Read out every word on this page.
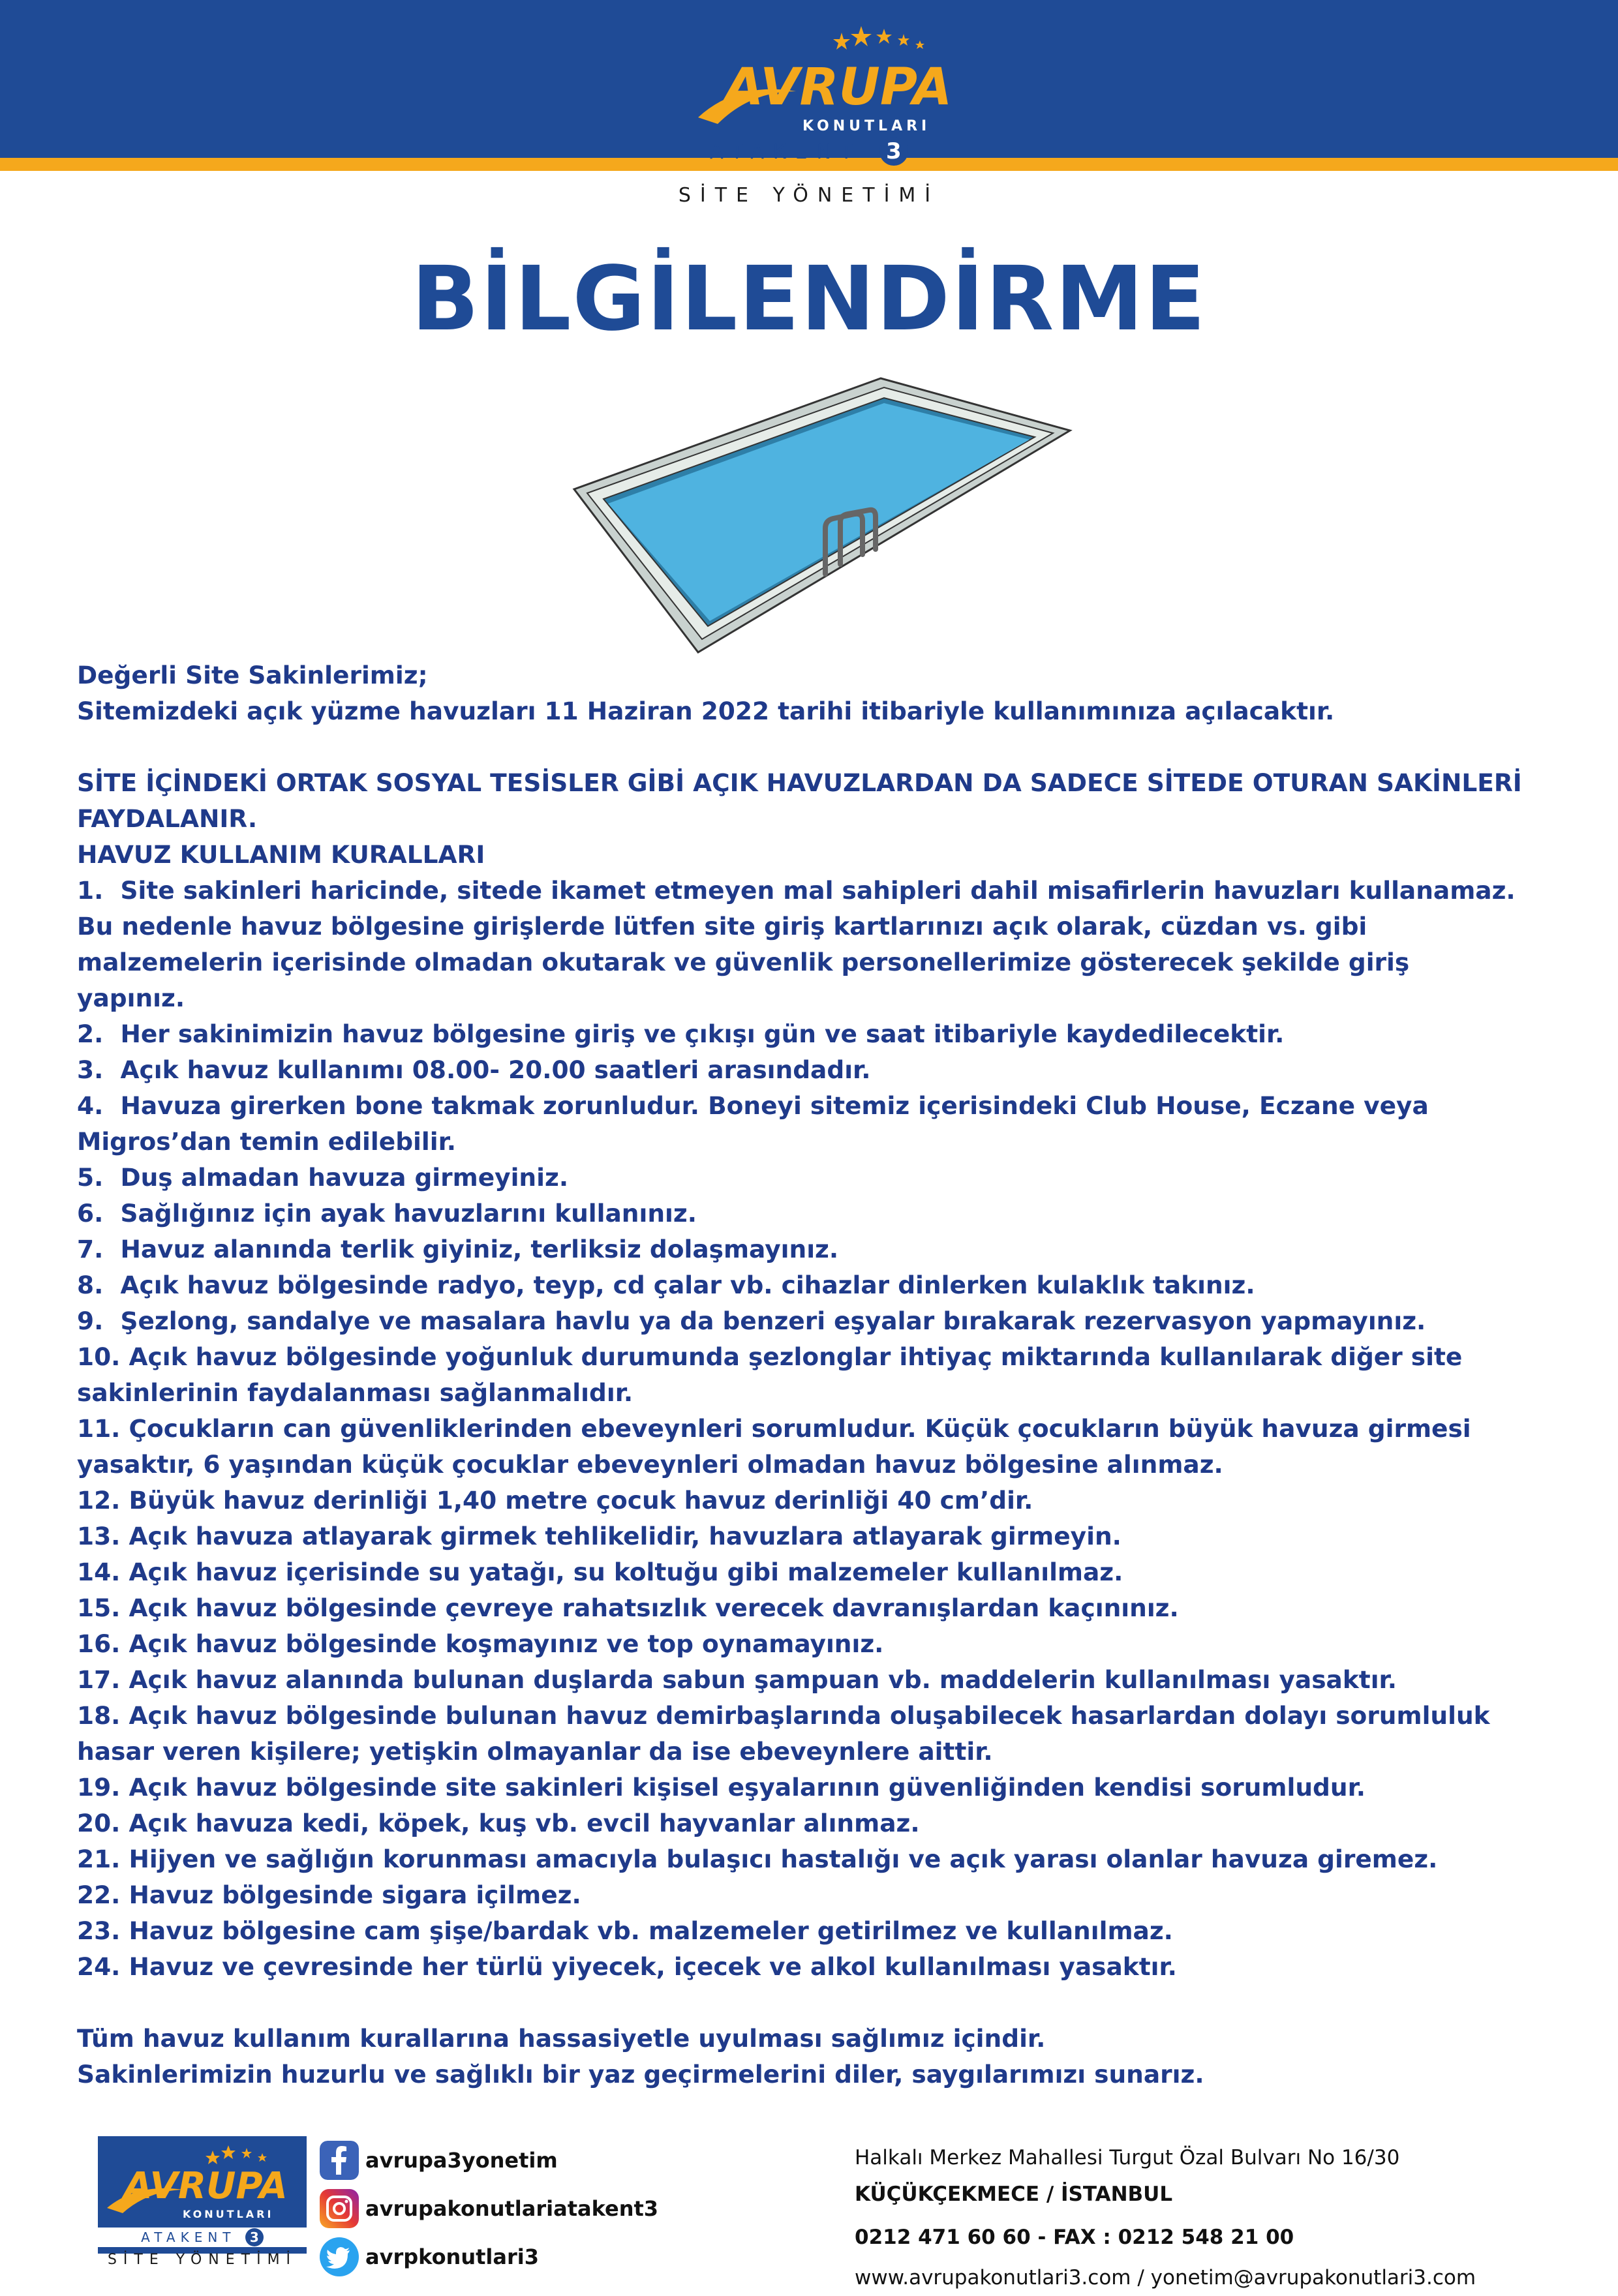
AVRUPA
KONUTLARI
ATAKENT 3
SİTE YÖNETİMİ
BİLGİLENDİRME

Değerli Site Sakinlerimiz;

Sitemizdeki açık yüzme havuzları 11 Haziran 2022 tarihi itibariyle kullanımınıza açılacaktır.

SİTE İÇİNDEKİ ORTAK SOSYAL TESİSLER GİBİ AÇIK HAVUZLARDAN DA SADECE SİTEDE OTURAN SAKİNLERİ

FAYDALANIR.

HAVUZ KULLANIM KURALLARI

1. Site sakinleri haricinde, sitede ikamet etmeyen mal sahipleri dahil misafirlerin havuzları kullanamaz.

Bu nedenle havuz bölgesine girişlerde lütfen site giriş kartlarınızı açık olarak, cüzdan vs. gibi

malzemelerin içerisinde olmadan okutarak ve güvenlik personellerimize gösterecek şekilde giriş

yapınız.

2. Her sakinimizin havuz bölgesine giriş ve çıkışı gün ve saat itibariyle kaydedilecektir.

3. Açık havuz kullanımı 08.00- 20.00 saatleri arasındadır.

4. Havuza girerken bone takmak zorunludur. Boneyi sitemiz içerisindeki Club House, Eczane veya

Migros’dan temin edilebilir.

5. Duş almadan havuza girmeyiniz.

6. Sağlığınız için ayak havuzlarını kullanınız.

7. Havuz alanında terlik giyiniz, terliksiz dolaşmayınız.

8. Açık havuz bölgesinde radyo, teyp, cd çalar vb. cihazlar dinlerken kulaklık takınız.

9. Şezlong, sandalye ve masalara havlu ya da benzeri eşyalar bırakarak rezervasyon yapmayınız.

10. Açık havuz bölgesinde yoğunluk durumunda şezlonglar ihtiyaç miktarında kullanılarak diğer site

sakinlerinin faydalanması sağlanmalıdır.

11. Çocukların can güvenliklerinden ebeveynleri sorumludur. Küçük çocukların büyük havuza girmesi

yasaktır, 6 yaşından küçük çocuklar ebeveynleri olmadan havuz bölgesine alınmaz.

12. Büyük havuz derinliği 1,40 metre çocuk havuz derinliği 40 cm’dir.

13. Açık havuza atlayarak girmek tehlikelidir, havuzlara atlayarak girmeyin.

14. Açık havuz içerisinde su yatağı, su koltuğu gibi malzemeler kullanılmaz.

15. Açık havuz bölgesinde çevreye rahatsızlık verecek davranışlardan kaçınınız.

16. Açık havuz bölgesinde koşmayınız ve top oynamayınız.

17. Açık havuz alanında bulunan duşlarda sabun şampuan vb. maddelerin kullanılması yasaktır.

18. Açık havuz bölgesinde bulunan havuz demirbaşlarında oluşabilecek hasarlardan dolayı sorumluluk

hasar veren kişilere; yetişkin olmayanlar da ise ebeveynlere aittir.

19. Açık havuz bölgesinde site sakinleri kişisel eşyalarının güvenliğinden kendisi sorumludur.

20. Açık havuza kedi, köpek, kuş vb. evcil hayvanlar alınmaz.

21. Hijyen ve sağlığın korunması amacıyla bulaşıcı hastalığı ve açık yarası olanlar havuza giremez.

22. Havuz bölgesinde sigara içilmez.

23. Havuz bölgesine cam şişe/bardak vb. malzemeler getirilmez ve kullanılmaz.

24. Havuz ve çevresinde her türlü yiyecek, içecek ve alkol kullanılması yasaktır.

Tüm havuz kullanım kurallarına hassasiyetle uyulması sağlımız içindir.

Sakinlerimizin huzurlu ve sağlıklı bir yaz geçirmelerini diler, saygılarımızı sunarız.

AVRUPA
KONUTLARI
ATAKENT 3
SİTE YÖNETİMİ
avrupa3yonetim
avrupakonutlariatakent3
avrpkonutlari3
Halkalı Merkez Mahallesi Turgut Özal Bulvarı No 16/30
KÜÇÜKÇEKMECE / İSTANBUL
0212 471 60 60 - FAX : 0212 548 21 00
www.avrupakonutlari3.com / yonetim@avrupakonutlari3.com
